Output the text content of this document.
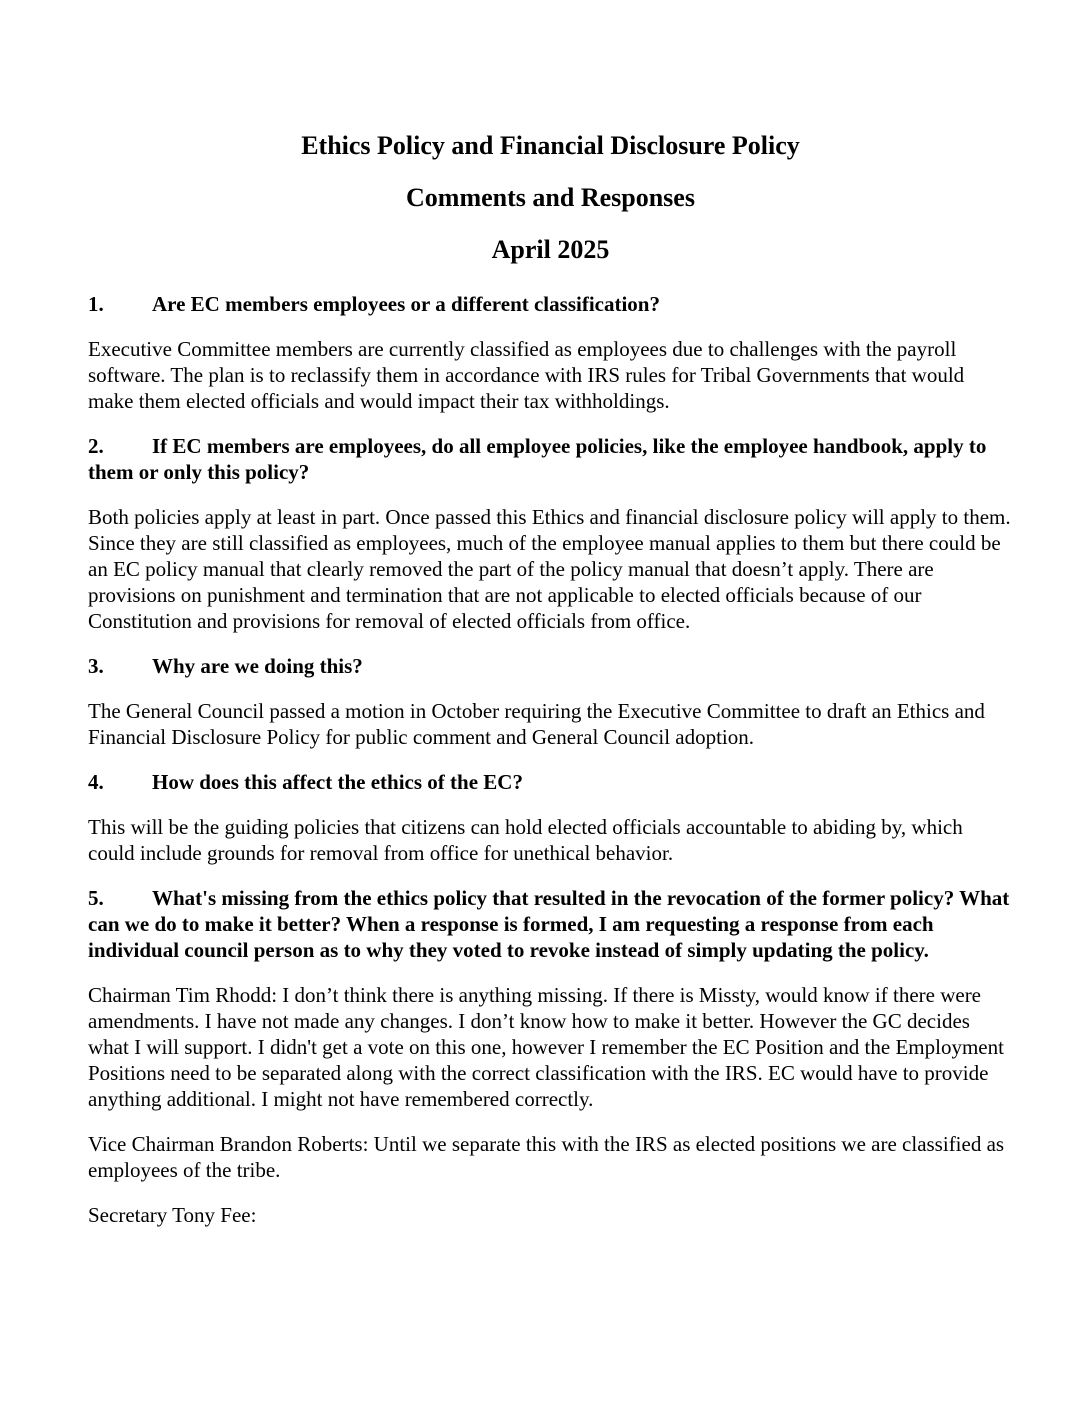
Ethics Policy and Financial Disclosure Policy
Comments and Responses
April 2025

1. Are EC members employees or a different classification?

Executive Committee members are currently classified as employees due to challenges with the payroll software. The plan is to reclassify them in accordance with IRS rules for Tribal Governments that would make them elected officials and would impact their tax withholdings.

2. If EC members are employees, do all employee policies, like the employee handbook, apply to them or only this policy?

Both policies apply at least in part. Once passed this Ethics and financial disclosure policy will apply to them. Since they are still classified as employees, much of the employee manual applies to them but there could be an EC policy manual that clearly removed the part of the policy manual that doesn’t apply. There are provisions on punishment and termination that are not applicable to elected officials because of our Constitution and provisions for removal of elected officials from office.

3. Why are we doing this?

The General Council passed a motion in October requiring the Executive Committee to draft an Ethics and Financial Disclosure Policy for public comment and General Council adoption.

4. How does this affect the ethics of the EC?

This will be the guiding policies that citizens can hold elected officials accountable to abiding by, which could include grounds for removal from office for unethical behavior.

5. What's missing from the ethics policy that resulted in the revocation of the former policy? What can we do to make it better? When a response is formed, I am requesting a response from each individual council person as to why they voted to revoke instead of simply updating the policy.

Chairman Tim Rhodd: I don’t think there is anything missing. If there is Missty, would know if there were amendments. I have not made any changes. I don’t know how to make it better. However the GC decides what I will support. I didn't get a vote on this one, however I remember the EC Position and the Employment Positions need to be separated along with the correct classification with the IRS. EC would have to provide anything additional. I might not have remembered correctly.

Vice Chairman Brandon Roberts: Until we separate this with the IRS as elected positions we are classified as employees of the tribe.

Secretary Tony Fee:
